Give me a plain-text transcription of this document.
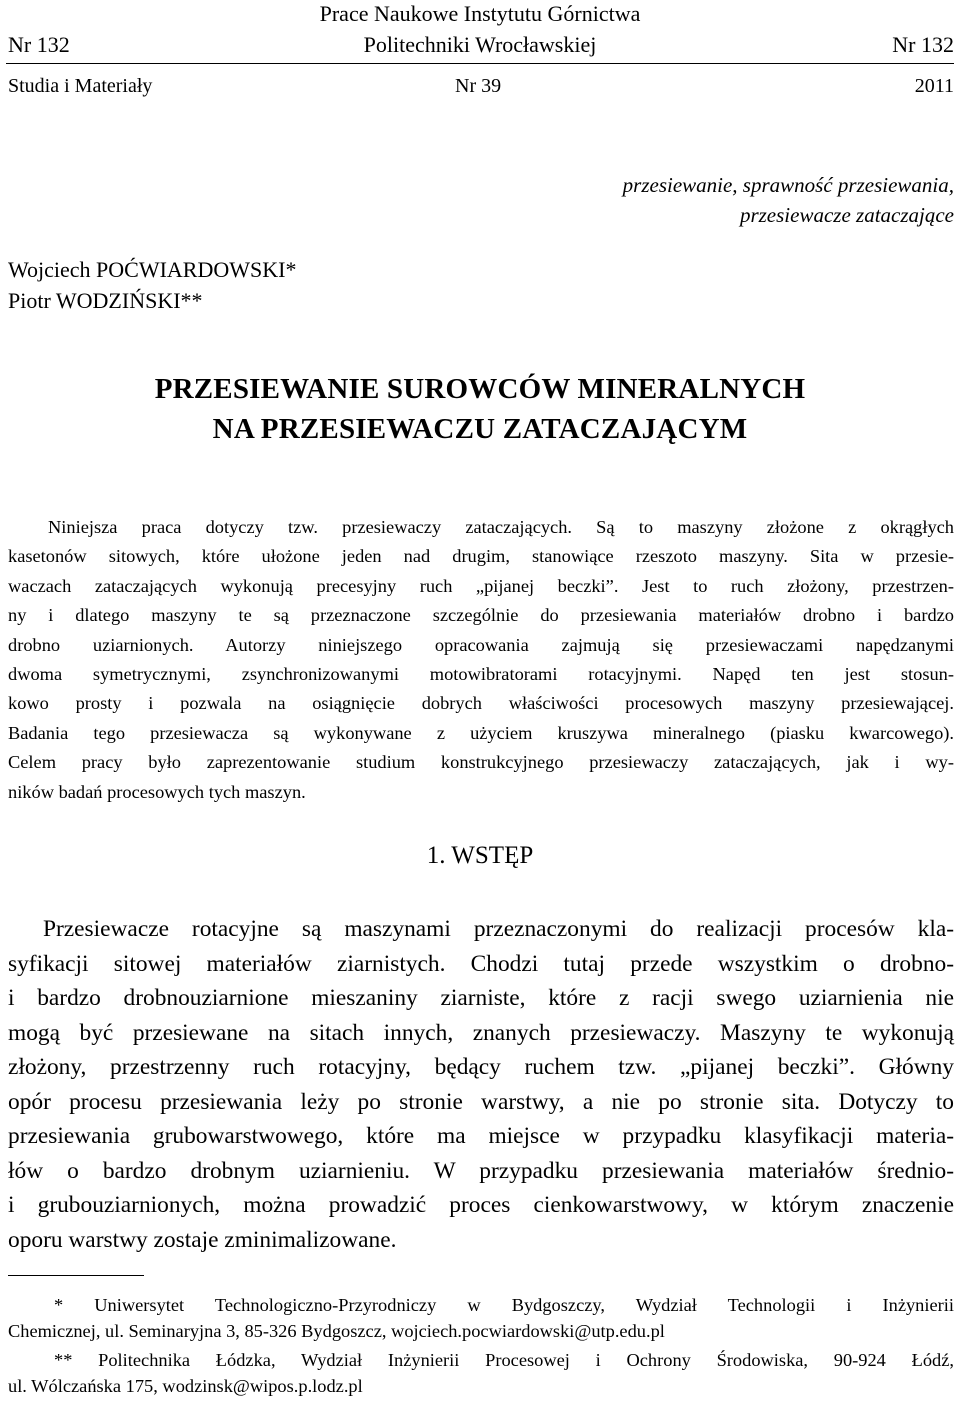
Prace Naukowe Instytutu Górnictwa
Nr 132	Politechniki Wrocławskiej	Nr 132
Studia i Materiały	Nr 39	2011
przesiewanie, sprawność przesiewania,
przesiewacze zataczające
Wojciech POĆWIARDOWSKI*
Piotr WODZIŃSKI**
PRZESIEWANIE SUROWCÓW MINERALNYCH
NA PRZESIEWACZU ZATACZAJĄCYM
Niniejsza praca dotyczy tzw. przesiewaczy zataczających. Są to maszyny złożone z okrągłych
kasetonów sitowych, które ułożone jeden nad drugim, stanowiące rzeszoto maszyny. Sita w przesie-
waczach zataczających wykonują precesyjny ruch „pijanej beczki”. Jest to ruch złożony, przestrzen-
ny i dlatego maszyny te są przeznaczone szczególnie do przesiewania materiałów drobno i bardzo
drobno uziarnionych. Autorzy niniejszego opracowania zajmują się przesiewaczami napędzanymi
dwoma symetrycznymi, zsynchronizowanymi motowibratorami rotacyjnymi. Napęd ten jest stosun-
kowo prosty i pozwala na osiągnięcie dobrych właściwości procesowych maszyny przesiewającej.
Badania tego przesiewacza są wykonywane z użyciem kruszywa mineralnego (piasku kwarcowego).
Celem pracy było zaprezentowanie studium konstrukcyjnego przesiewaczy zataczających, jak i wy-
ników badań procesowych tych maszyn.
1. WSTĘP
Przesiewacze rotacyjne są maszynami przeznaczonymi do realizacji procesów kla-
syfikacji sitowej materiałów ziarnistych. Chodzi tutaj przede wszystkim o drobno-
i bardzo drobnouziarnione mieszaniny ziarniste, które z racji swego uziarnienia nie
mogą być przesiewane na sitach innych, znanych przesiewaczy. Maszyny te wykonują
złożony, przestrzenny ruch rotacyjny, będący ruchem tzw. „pijanej beczki”. Główny
opór procesu przesiewania leży po stronie warstwy, a nie po stronie sita. Dotyczy to
przesiewania grubowarstwowego, które ma miejsce w przypadku klasyfikacji materia-
łów o bardzo drobnym uziarnieniu. W przypadku przesiewania materiałów średnio-
i grubouziarnionych, można prowadzić proces cienkowarstwowy, w którym znaczenie
oporu warstwy zostaje zminimalizowane.
* Uniwersytet Technologiczno-Przyrodniczy w Bydgoszczy, Wydział Technologii i Inżynierii
Chemicznej, ul. Seminaryjna 3, 85-326 Bydgoszcz, wojciech.pocwiardowski@utp.edu.pl
** Politechnika Łódzka, Wydział Inżynierii Procesowej i Ochrony Środowiska, 90-924 Łódź,
ul. Wólczańska 175, wodzinsk@wipos.p.lodz.pl
